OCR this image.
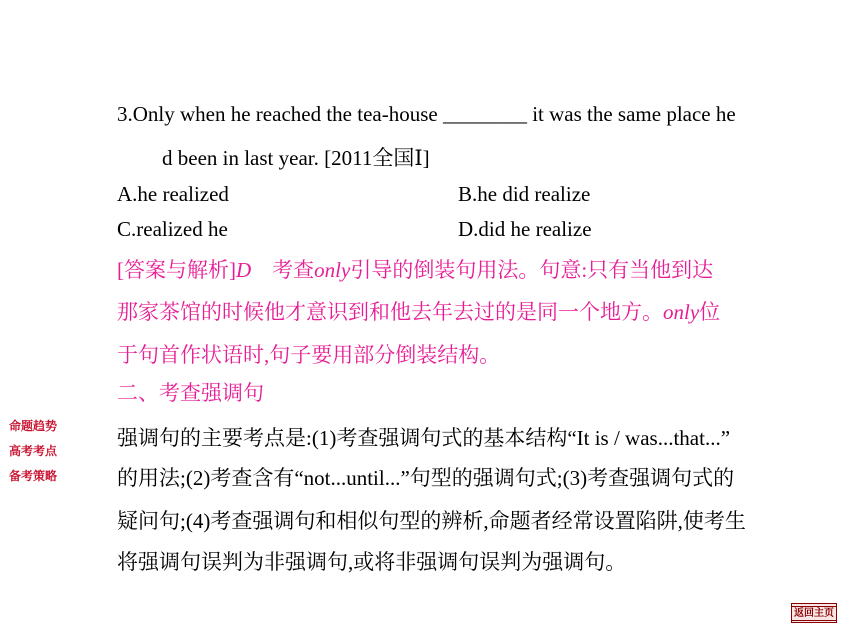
3.Only when he reached the tea-house ________ it was the same place he
d been in last year. [2011全国Ⅰ]
A.he realized	B.he did realize
C.realized he	D.did he realize
[答案与解析]D　考查only引导的倒装句用法。句意:只有当他到达
那家茶馆的时候他才意识到和他去年去过的是同一个地方。only位
于句首作状语时,句子要用部分倒装结构。
二、考查强调句
强调句的主要考点是:(1)考查强调句式的基本结构“It is / was...that...”
的用法;(2)考查含有“not...until...”句型的强调句式;(3)考查强调句式的
疑问句;(4)考查强调句和相似句型的辨析,命题者经常设置陷阱,使考生
将强调句误判为非强调句,或将非强调句误判为强调句。
命题趋势
高考考点
备考策略
返回主页
